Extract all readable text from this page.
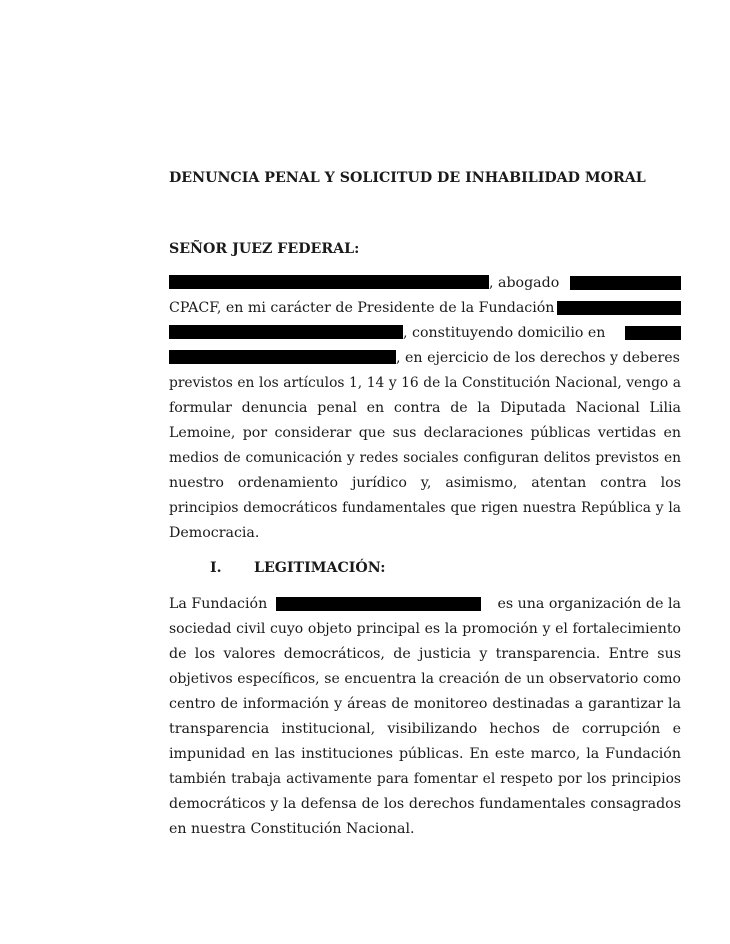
DENUNCIA PENAL Y SOLICITUD DE INHABILIDAD MORAL
SEÑOR JUEZ FEDERAL:
, abogado
CPACF, en mi carácter de Presidente de la Fundación
, constituyendo domicilio en
, en ejercicio de los derechos y deberes
previstos en los artículos 1, 14 y 16 de la Constitución Nacional, vengo a
formular denuncia penal en contra de la Diputada Nacional Lilia
Lemoine, por considerar que sus declaraciones públicas vertidas en
medios de comunicación y redes sociales configuran delitos previstos en
nuestro ordenamiento jurídico y, asimismo, atentan contra los
principios democráticos fundamentales que rigen nuestra República y la
Democracia.
I. LEGITIMACIÓN:
La Fundación	es una organización de la
sociedad civil cuyo objeto principal es la promoción y el fortalecimiento
de los valores democráticos, de justicia y transparencia. Entre sus
objetivos específicos, se encuentra la creación de un observatorio como
centro de información y áreas de monitoreo destinadas a garantizar la
transparencia institucional, visibilizando hechos de corrupción e
impunidad en las instituciones públicas. En este marco, la Fundación
también trabaja activamente para fomentar el respeto por los principios
democráticos y la defensa de los derechos fundamentales consagrados
en nuestra Constitución Nacional.
